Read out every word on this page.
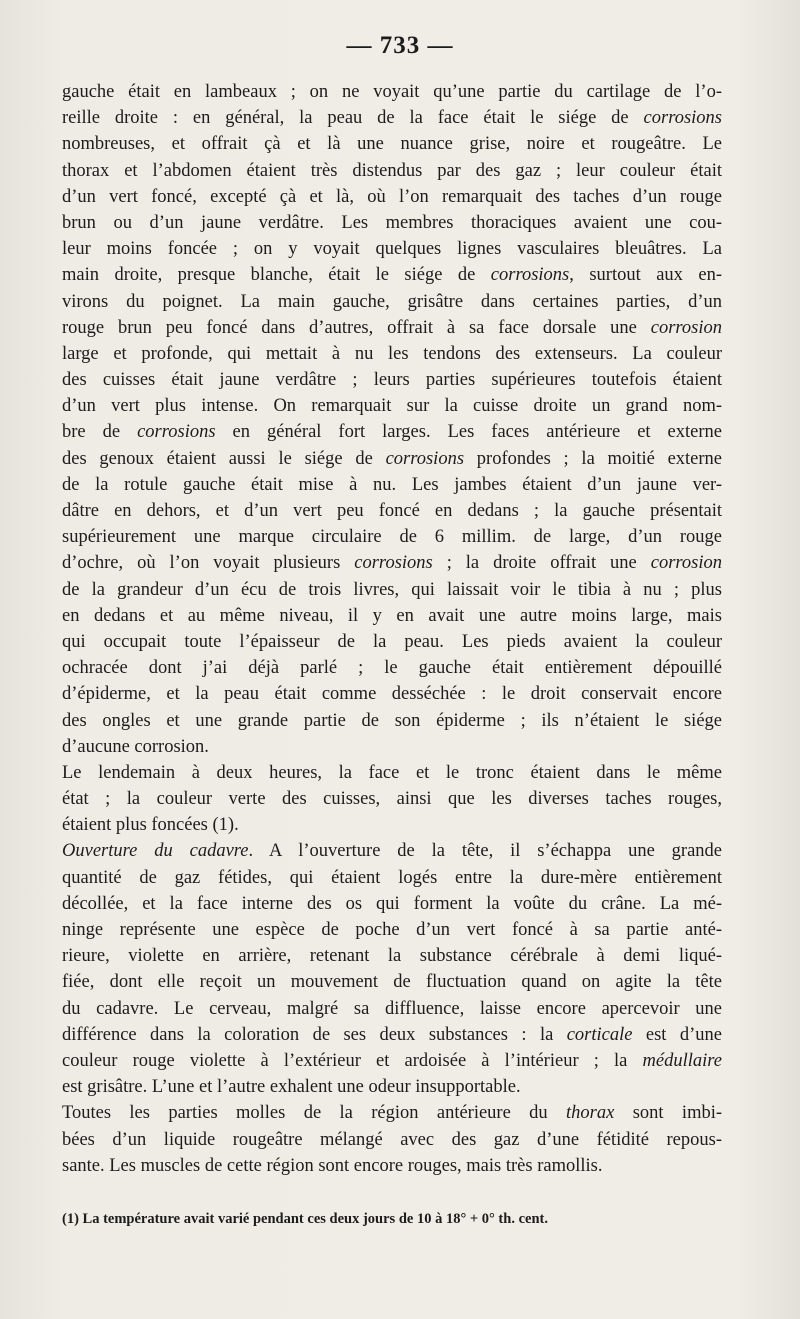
— 733 —
gauche était en lambeaux ; on ne voyait qu’une partie du cartilage de l’o-
reille droite : en général, la peau de la face était le siége de corrosions
nombreuses, et offrait çà et là une nuance grise, noire et rougeâtre. Le
thorax et l’abdomen étaient très distendus par des gaz ; leur couleur était
d’un vert foncé, excepté çà et là, où l’on remarquait des taches d’un rouge
brun ou d’un jaune verdâtre. Les membres thoraciques avaient une cou-
leur moins foncée ; on y voyait quelques lignes vasculaires bleuâtres. La
main droite, presque blanche, était le siége de corrosions, surtout aux en-
virons du poignet. La main gauche, grisâtre dans certaines parties, d’un
rouge brun peu foncé dans d’autres, offrait à sa face dorsale une corrosion
large et profonde, qui mettait à nu les tendons des extenseurs. La couleur
des cuisses était jaune verdâtre ; leurs parties supérieures toutefois étaient
d’un vert plus intense. On remarquait sur la cuisse droite un grand nom-
bre de corrosions en général fort larges. Les faces antérieure et externe
des genoux étaient aussi le siége de corrosions profondes ; la moitié externe
de la rotule gauche était mise à nu. Les jambes étaient d’un jaune ver-
dâtre en dehors, et d’un vert peu foncé en dedans ; la gauche présentait
supérieurement une marque circulaire de 6 millim. de large, d’un rouge
d’ochre, où l’on voyait plusieurs corrosions ; la droite offrait une corrosion
de la grandeur d’un écu de trois livres, qui laissait voir le tibia à nu ; plus
en dedans et au même niveau, il y en avait une autre moins large, mais
qui occupait toute l’épaisseur de la peau. Les pieds avaient la couleur
ochracée dont j’ai déjà parlé ; le gauche était entièrement dépouillé
d’épiderme, et la peau était comme desséchée : le droit conservait encore
des ongles et une grande partie de son épiderme ; ils n’étaient le siége
d’aucune corrosion.
Le lendemain à deux heures, la face et le tronc étaient dans le même
état ; la couleur verte des cuisses, ainsi que les diverses taches rouges,
étaient plus foncées (1).
Ouverture du cadavre. A l’ouverture de la tête, il s’échappa une grande
quantité de gaz fétides, qui étaient logés entre la dure-mère entièrement
décollée, et la face interne des os qui forment la voûte du crâne. La mé-
ninge représente une espèce de poche d’un vert foncé à sa partie anté-
rieure, violette en arrière, retenant la substance cérébrale à demi liqué-
fiée, dont elle reçoit un mouvement de fluctuation quand on agite la tête
du cadavre. Le cerveau, malgré sa diffluence, laisse encore apercevoir une
différence dans la coloration de ses deux substances : la corticale est d’une
couleur rouge violette à l’extérieur et ardoisée à l’intérieur ; la médullaire
est grisâtre. L’une et l’autre exhalent une odeur insupportable.
Toutes les parties molles de la région antérieure du thorax sont imbi-
bées d’un liquide rougeâtre mélangé avec des gaz d’une fétidité repous-
sante. Les muscles de cette région sont encore rouges, mais très ramollis.
(1) La température avait varié pendant ces deux jours de 10 à 18° + 0° th. cent.
